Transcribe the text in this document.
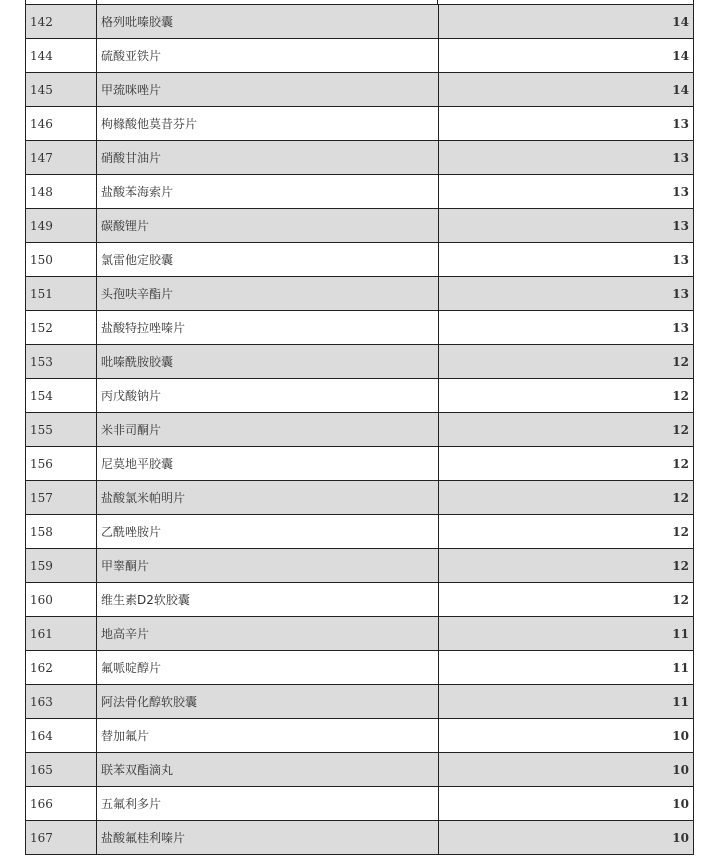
142	格列吡嗪胶囊	14
144	硫酸亚铁片	14
145	甲巯咪唑片	14
146	枸橼酸他莫昔芬片	13
147	硝酸甘油片	13
148	盐酸苯海索片	13
149	碳酸锂片	13
150	氯雷他定胶囊	13
151	头孢呋辛酯片	13
152	盐酸特拉唑嗪片	13
153	吡嗪酰胺胶囊	12
154	丙戊酸钠片	12
155	米非司酮片	12
156	尼莫地平胶囊	12
157	盐酸氯米帕明片	12
158	乙酰唑胺片	12
159	甲睾酮片	12
160	维生素D2软胶囊	12
161	地高辛片	11
162	氟哌啶醇片	11
163	阿法骨化醇软胶囊	11
164	替加氟片	10
165	联苯双酯滴丸	10
166	五氟利多片	10
167	盐酸氟桂利嗪片	10
